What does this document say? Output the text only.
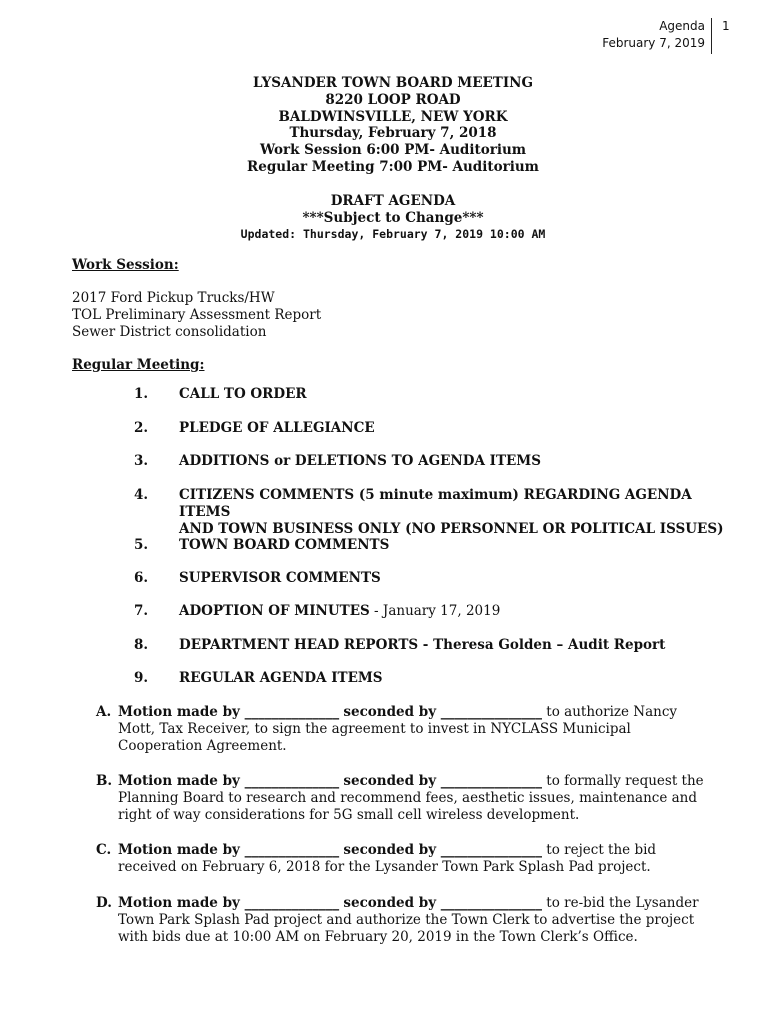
Agenda
February 7, 2019
1
LYSANDER TOWN BOARD MEETING
8220 LOOP ROAD
BALDWINSVILLE, NEW YORK
Thursday, February 7, 2018
Work Session 6:00 PM- Auditorium
Regular Meeting 7:00 PM- Auditorium
DRAFT AGENDA
***Subject to Change***
Updated: Thursday, February 7, 2019 10:00 AM
Work Session:
2017 Ford Pickup Trucks/HW
TOL Preliminary Assessment Report
Sewer District consolidation
Regular Meeting:
1.	CALL TO ORDER
2.	PLEDGE OF ALLEGIANCE
3.	ADDITIONS or DELETIONS TO AGENDA ITEMS
4.	CITIZENS COMMENTS (5 minute maximum) REGARDING AGENDA ITEMS
AND TOWN BUSINESS ONLY (NO PERSONNEL OR POLITICAL ISSUES)
5.	TOWN BOARD COMMENTS
6.	SUPERVISOR COMMENTS
7.	ADOPTION OF MINUTES - January 17, 2019
8.	DEPARTMENT HEAD REPORTS - Theresa Golden – Audit Report
9.	REGULAR AGENDA ITEMS
A. Motion made by ______________ seconded by _______________ to authorize Nancy Mott, Tax Receiver, to sign the agreement to invest in NYCLASS Municipal Cooperation Agreement.
B. Motion made by ______________ seconded by _______________ to formally request the Planning Board to research and recommend fees, aesthetic issues, maintenance and right of way considerations for 5G small cell wireless development.
C. Motion made by ______________ seconded by _______________ to reject the bid received on February 6, 2018 for the Lysander Town Park Splash Pad project.
D. Motion made by ______________ seconded by _______________ to re-bid the Lysander Town Park Splash Pad project and authorize the Town Clerk to advertise the project with bids due at 10:00 AM on February 20, 2019 in the Town Clerk’s Office.
